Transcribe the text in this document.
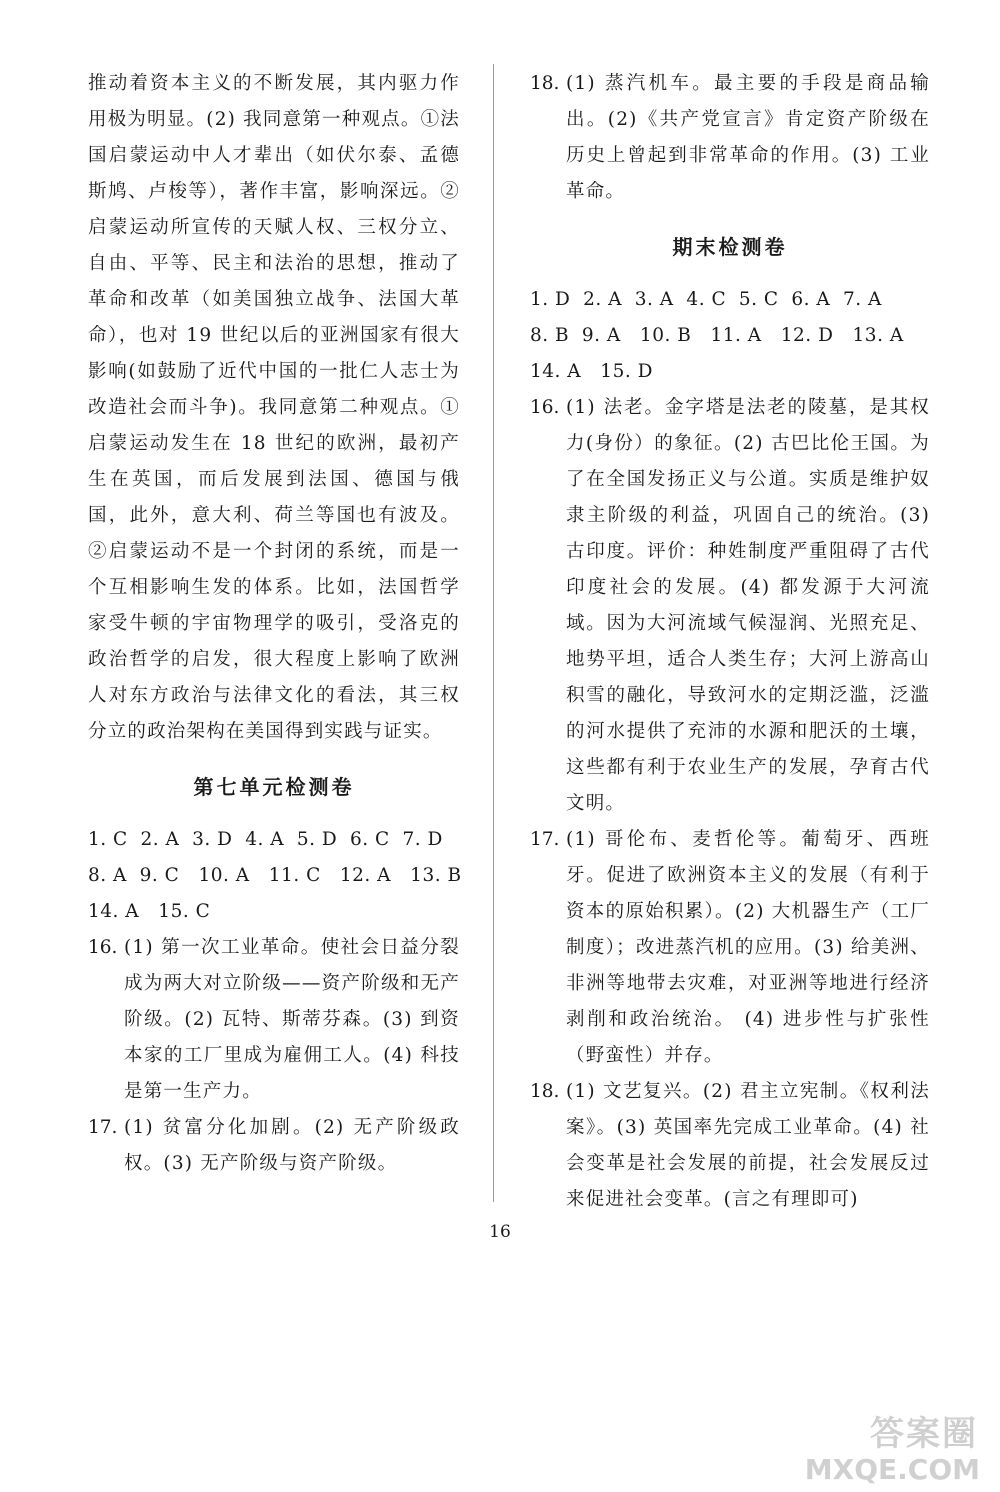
推动着资本主义的不断发展，其内驱力作用极为明显。(2) 我同意第一种观点。①法国启蒙运动中人才辈出（如伏尔泰、孟德斯鸠、卢梭等），著作丰富，影响深远。②启蒙运动所宣传的天赋人权、三权分立、自由、平等、民主和法治的思想，推动了革命和改革（如美国独立战争、法国大革命），也对 19 世纪以后的亚洲国家有很大影响(如鼓励了近代中国的一批仁人志士为改造社会而斗争)。我同意第二种观点。①启蒙运动发生在 18 世纪的欧洲，最初产生在英国，而后发展到法国、德国与俄国，此外，意大利、荷兰等国也有波及。②启蒙运动不是一个封闭的系统，而是一个互相影响生发的体系。比如，法国哲学家受牛顿的宇宙物理学的吸引，受洛克的政治哲学的启发，很大程度上影响了欧洲人对东方政治与法律文化的看法，其三权分立的政治架构在美国得到实践与证实。

第七单元检测卷
1. C  2. A  3. D  4. A  5. D  6. C  7. D
8. A  9. C   10. A   11. C   12. A   13. B
14. A   15. C
16. (1) 第一次工业革命。使社会日益分裂成为两大对立阶级——资产阶级和无产阶级。(2) 瓦特、斯蒂芬森。(3) 到资本家的工厂里成为雇佣工人。(4) 科技是第一生产力。

17. (1) 贫富分化加剧。(2) 无产阶级政权。(3) 无产阶级与资产阶级。

18. (1) 蒸汽机车。最主要的手段是商品输出。(2)《共产党宣言》肯定资产阶级在历史上曾起到非常革命的作用。(3) 工业革命。

期末检测卷
1. D  2. A  3. A  4. C  5. C  6. A  7. A
8. B  9. A   10. B   11. A   12. D   13. A
14. A   15. D
16. (1) 法老。金字塔是法老的陵墓，是其权力(身份）的象征。(2) 古巴比伦王国。为了在全国发扬正义与公道。实质是维护奴隶主阶级的利益，巩固自己的统治。(3) 古印度。评价：种姓制度严重阻碍了古代印度社会的发展。(4) 都发源于大河流域。因为大河流域气候湿润、光照充足、地势平坦，适合人类生存；大河上游高山积雪的融化，导致河水的定期泛滥，泛滥的河水提供了充沛的水源和肥沃的土壤，这些都有利于农业生产的发展，孕育古代文明。

17. (1) 哥伦布、麦哲伦等。葡萄牙、西班牙。促进了欧洲资本主义的发展（有利于资本的原始积累）。(2) 大机器生产（工厂制度）；改进蒸汽机的应用。(3) 给美洲、非洲等地带去灾难，对亚洲等地进行经济剥削和政治统治。 (4) 进步性与扩张性（野蛮性）并存。

18. (1) 文艺复兴。(2) 君主立宪制。《权利法案》。(3) 英国率先完成工业革命。(4) 社会变革是社会发展的前提，社会发展反过来促进社会变革。(言之有理即可)

16
答案圈
MXQE.COM
